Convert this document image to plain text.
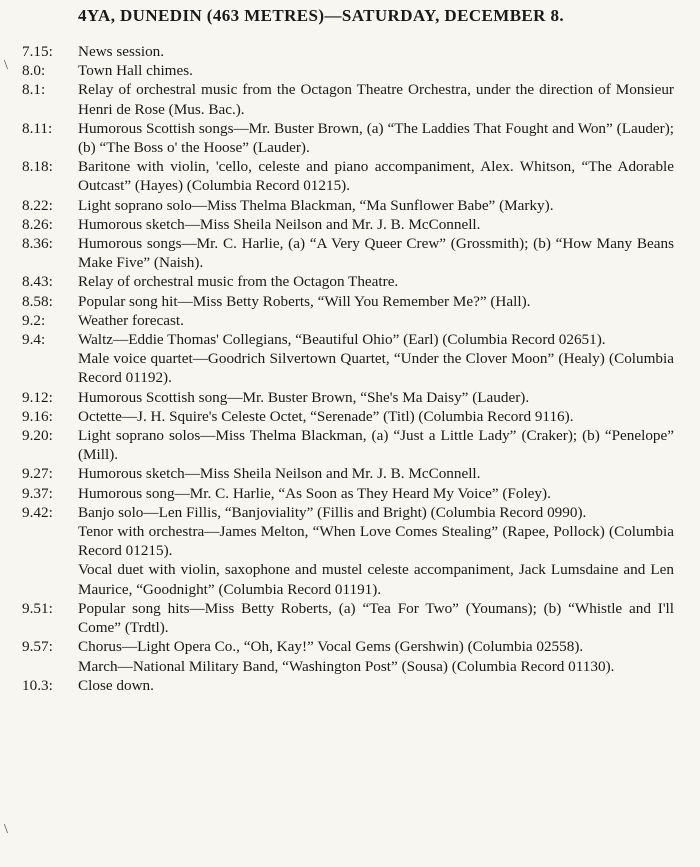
4YA, DUNEDIN (463 METRES)—SATURDAY, DECEMBER 8.
\
\
7.15:	News session.
8.0:	Town Hall chimes.
8.1:	Relay of orchestral music from the Octagon Theatre Orchestra, under the direction of Monsieur Henri de Rose (Mus. Bac.).
8.11:	Humorous Scottish songs—Mr. Buster Brown, (a) “The Laddies That Fought and Won” (Lauder); (b) “The Boss o' the Hoose” (Lauder).
8.18:	Baritone with violin, 'cello, celeste and piano accompaniment, Alex. Whitson, “The Adorable Outcast” (Hayes) (Columbia Record 01215).
8.22:	Light soprano solo—Miss Thelma Blackman, “Ma Sunflower Babe” (Marky).
8.26:	Humorous sketch—Miss Sheila Neilson and Mr. J. B. McConnell.
8.36:	Humorous songs—Mr. C. Harlie, (a) “A Very Queer Crew” (Grossmith); (b) “How Many Beans Make Five” (Naish).
8.43:	Relay of orchestral music from the Octagon Theatre.
8.58:	Popular song hit—Miss Betty Roberts, “Will You Remember Me?” (Hall).
9.2:	Weather forecast.
9.4:	Waltz—Eddie Thomas' Collegians, “Beautiful Ohio” (Earl) (Columbia Record 02651).
Male voice quartet—Goodrich Silvertown Quartet, “Under the Clover Moon” (Healy) (Columbia Record 01192).
9.12:	Humorous Scottish song—Mr. Buster Brown, “She's Ma Daisy” (Lauder).
9.16:	Octette—J. H. Squire's Celeste Octet, “Serenade” (Titl) (Columbia Record 9116).
9.20:	Light soprano solos—Miss Thelma Blackman, (a) “Just a Little Lady” (Craker); (b) “Penelope” (Mill).
9.27:	Humorous sketch—Miss Sheila Neilson and Mr. J. B. McConnell.
9.37:	Humorous song—Mr. C. Harlie, “As Soon as They Heard My Voice” (Foley).
9.42:	Banjo solo—Len Fillis, “Banjoviality” (Fillis and Bright) (Columbia Record 0990).
Tenor with orchestra—James Melton, “When Love Comes Stealing” (Rapee, Pollock) (Columbia Record 01215).
Vocal duet with violin, saxophone and mustel celeste accompaniment, Jack Lumsdaine and Len Maurice, “Goodnight” (Columbia Record 01191).
9.51:	Popular song hits—Miss Betty Roberts, (a) “Tea For Two” (Youmans); (b) “Whistle and I'll Come” (Trdtl).
9.57:	Chorus—Light Opera Co., “Oh, Kay!” Vocal Gems (Gershwin) (Columbia 02558).
March—National Military Band, “Washington Post” (Sousa) (Columbia Record 01130).
10.3:	Close down.
